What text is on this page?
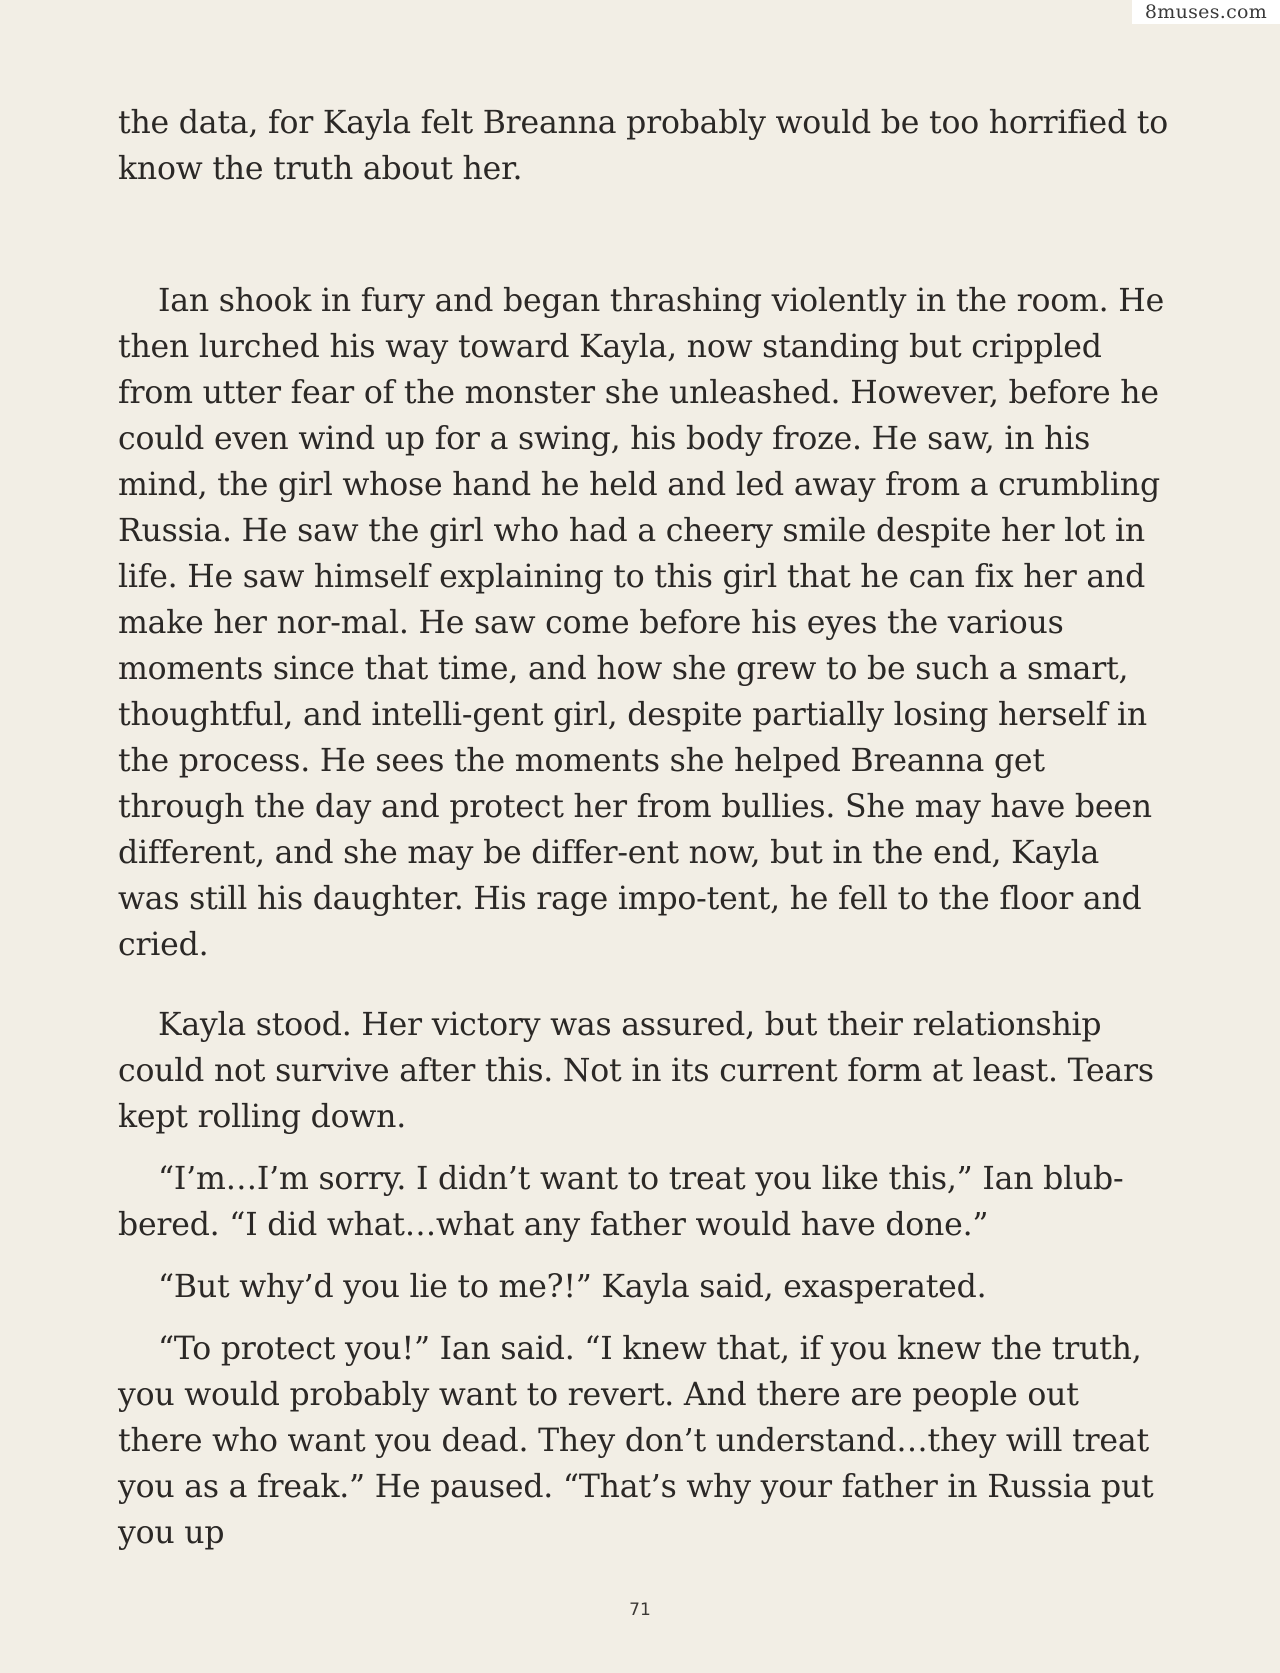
8muses.com

the data, for Kayla felt Breanna probably would be too horrified to know the truth about her.

Ian shook in fury and began thrashing violently in the room. He then lurched his way toward Kayla, now standing but crippled from utter fear of the monster she unleashed. However, before he could even wind up for a swing, his body froze. He saw, in his mind, the girl whose hand he held and led away from a crumbling Russia. He saw the girl who had a cheery smile despite her lot in life. He saw himself explaining to this girl that he can fix her and make her nor-mal. He saw come before his eyes the various moments since that time, and how she grew to be such a smart, thoughtful, and intelli-gent girl, despite partially losing herself in the process. He sees the moments she helped Breanna get through the day and protect her from bullies. She may have been different, and she may be differ-ent now, but in the end, Kayla was still his daughter. His rage impo-tent, he fell to the floor and cried.

Kayla stood. Her victory was assured, but their relationship could not survive after this. Not in its current form at least. Tears kept rolling down.

“I’m…I’m sorry. I didn’t want to treat you like this,” Ian blub-bered. “I did what…what any father would have done.”

“But why’d you lie to me?!” Kayla said, exasperated.

“To protect you!” Ian said. “I knew that, if you knew the truth, you would probably want to revert. And there are people out there who want you dead. They don’t understand…they will treat you as a freak.” He paused. “That’s why your father in Russia put you up

71
